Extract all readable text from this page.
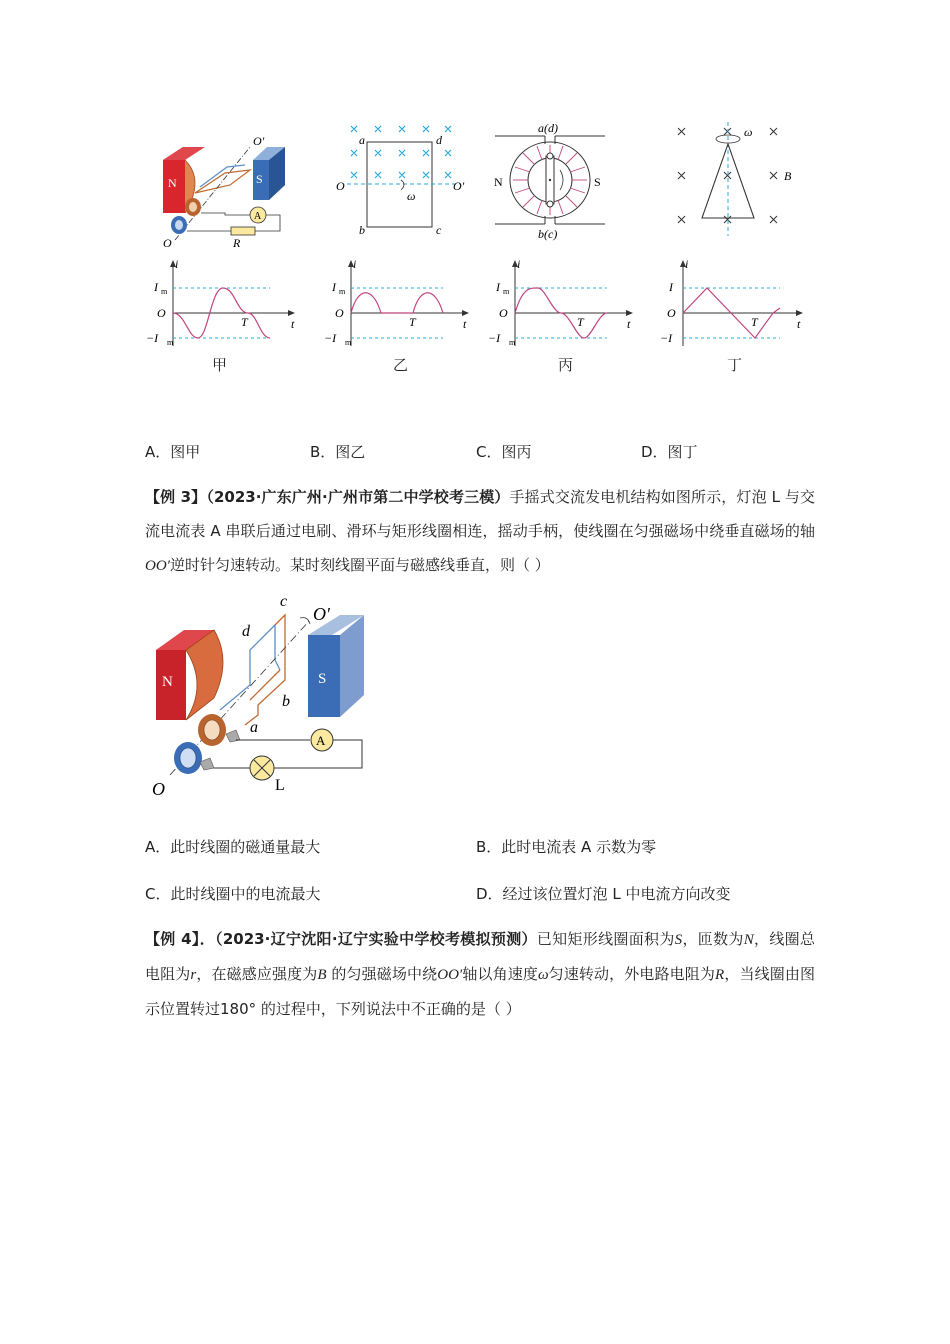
N	S
O′
O
A
R
a	d
b	c
O	O′
ω
a(d)
N	S
b(c)
ω
B
i
t
O
T
I m
−I m
i
t
O
T
I m
−I m
i
t
O
T
I m
−I m
i
t
O
T
I
−I
甲	乙	丙	丁
A．图甲	B．图乙	C．图丙	D．图丁
【例 3】（2023·广东广州·广州市第二中学校考三模）手摇式交流发电机结构如图所示，灯泡 L 与交流电流表 A 串联后通过电刷、滑环与矩形线圈相连，摇动手柄，使线圈在匀强磁场中绕垂直磁场的轴 OO′逆时针匀速转动。某时刻线圈平面与磁感线垂直，则（ ）
N	S
c
d
b
a
O′
O
A
L
A．此时线圈的磁通量最大	B．此时电流表 A 示数为零
C．此时线圈中的电流最大	D．经过该位置灯泡 L 中电流方向改变
【例 4】．（2023·辽宁沈阳·辽宁实验中学校考模拟预测）已知矩形线圈面积为S，匝数为N，线圈总电阻为r，在磁感应强度为B 的匀强磁场中绕OO′轴以角速度ω匀速转动，外电路电阻为R，当线圈由图示位置转过180° 的过程中，下列说法中不正确的是（ ）
